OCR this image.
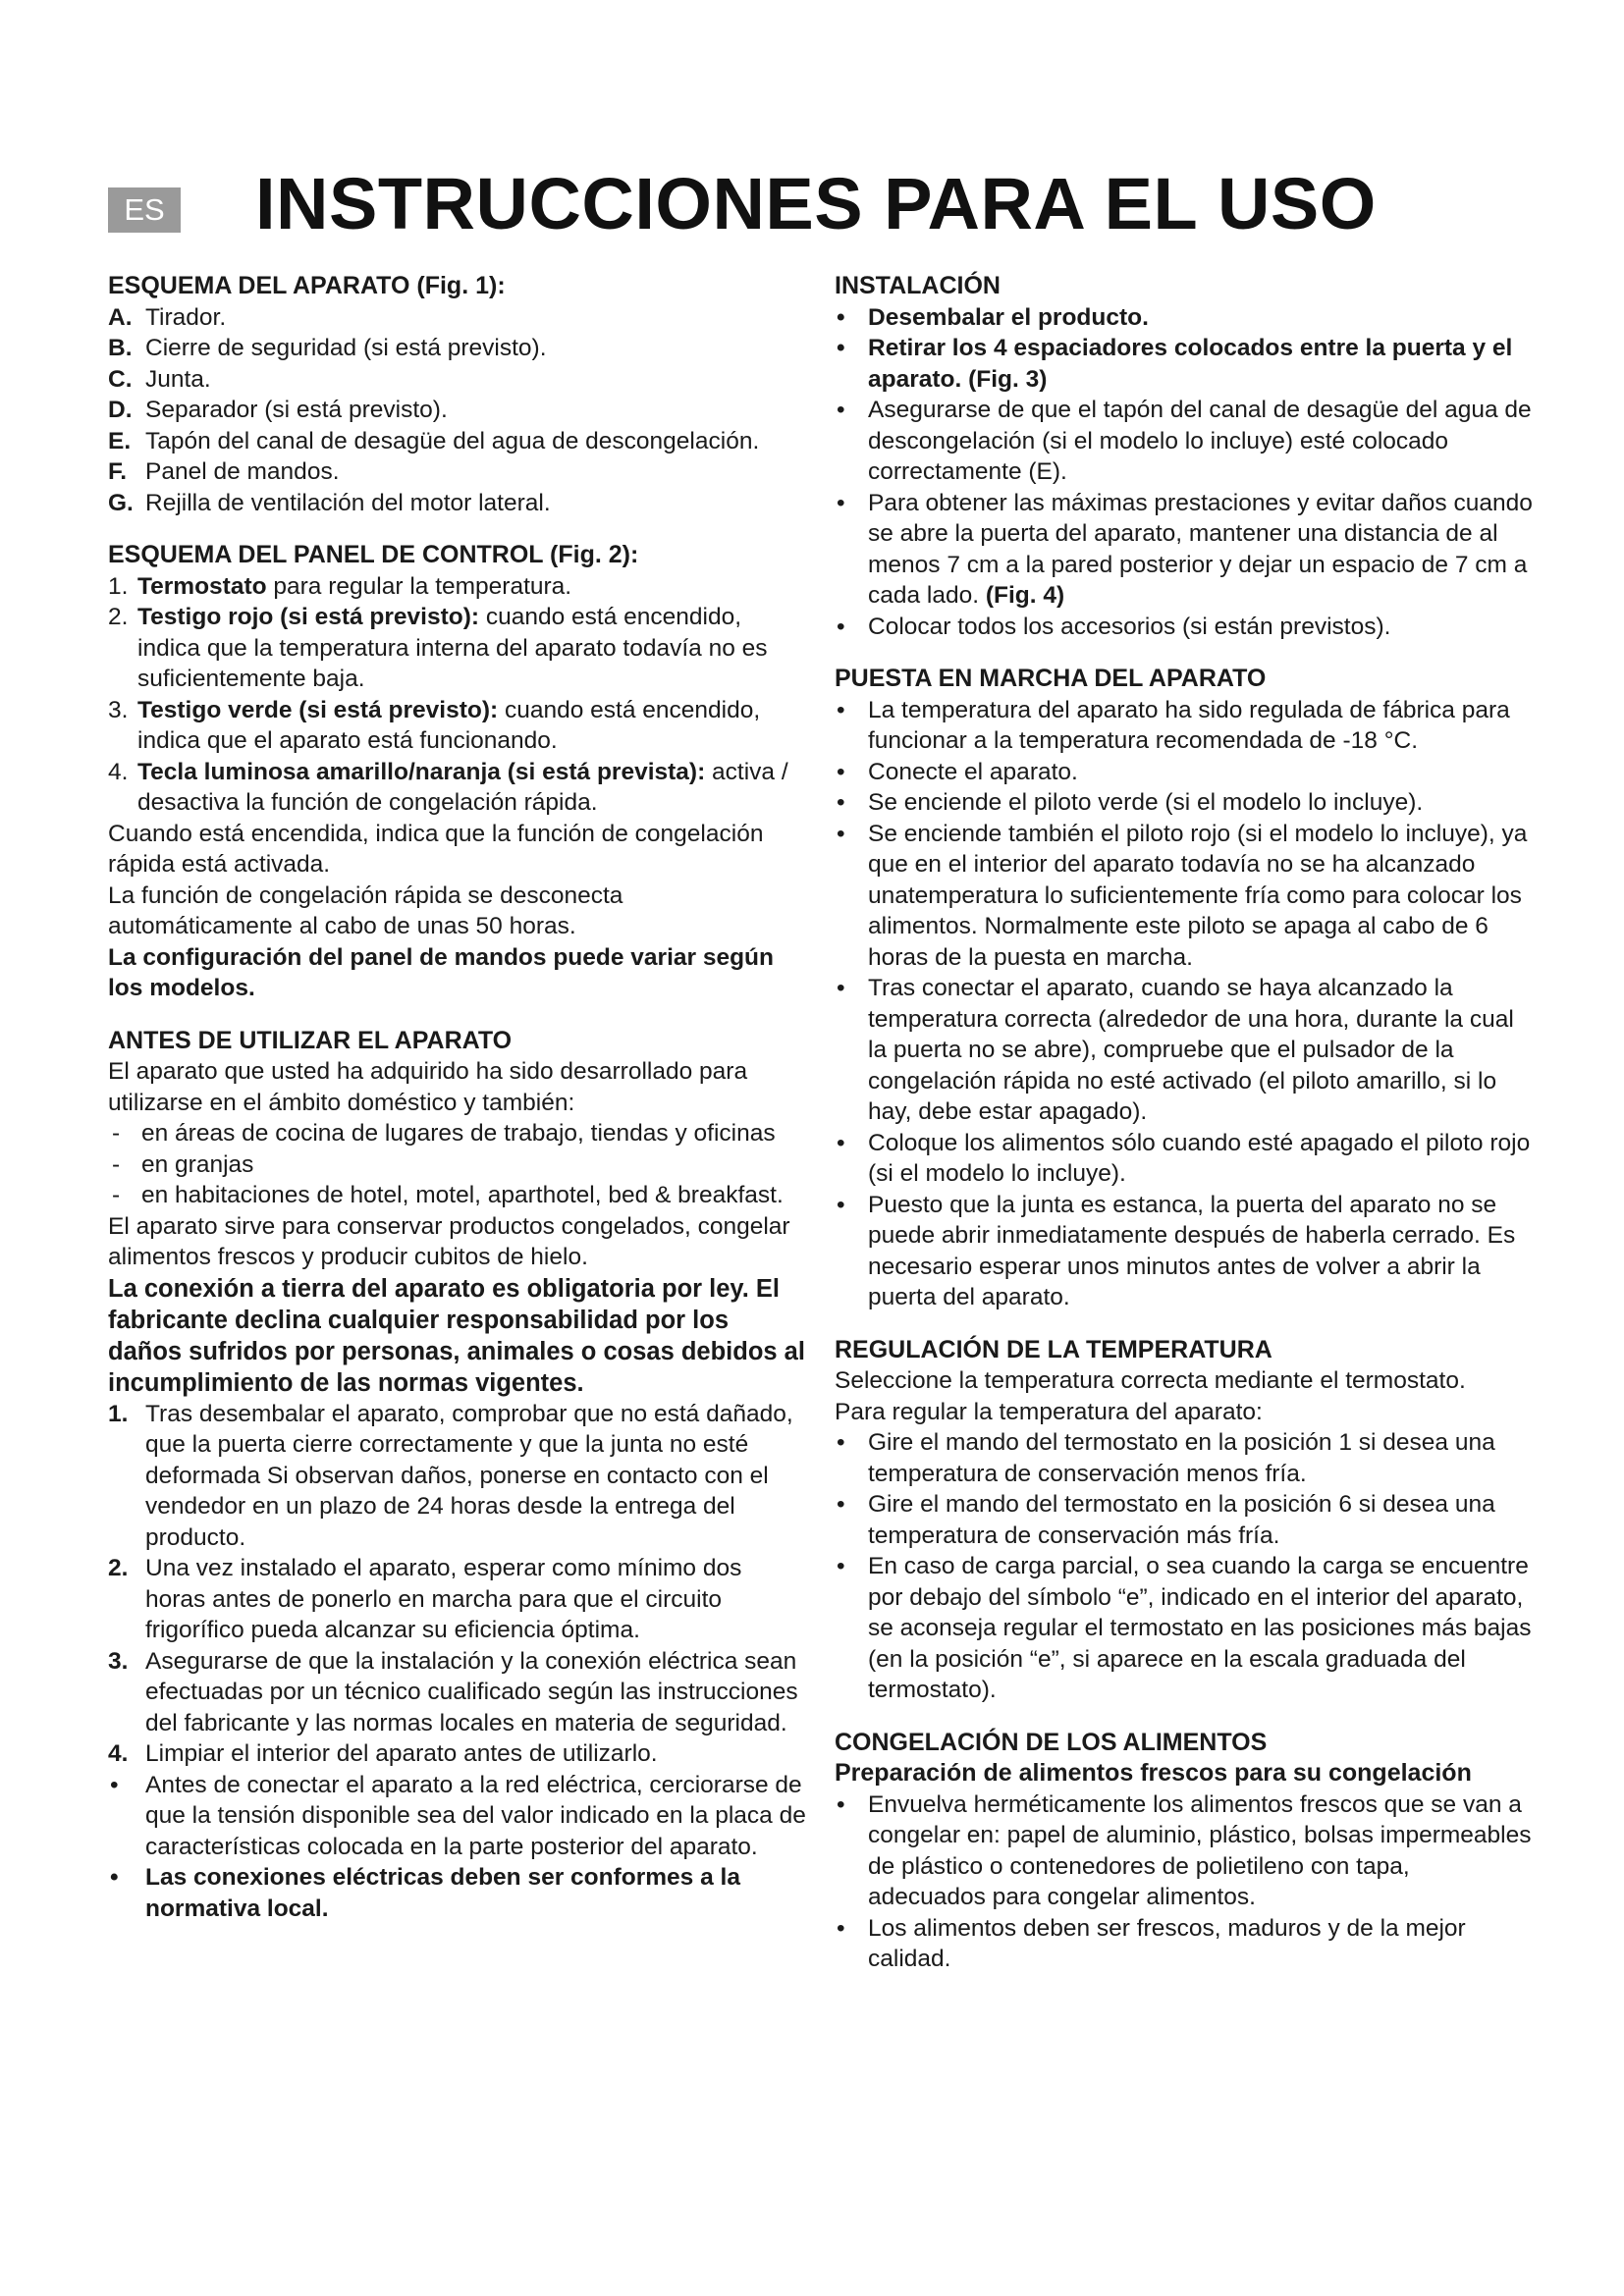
ES INSTRUCCIONES PARA EL USO
ESQUEMA DEL APARATO (Fig. 1):
A. Tirador.
B. Cierre de seguridad (si está previsto).
C. Junta.
D. Separador (si está previsto).
E. Tapón del canal de desagüe del agua de descongelación.
F. Panel de mandos.
G. Rejilla de ventilación del motor lateral.
ESQUEMA DEL PANEL DE CONTROL (Fig. 2):
1. Termostato para regular la temperatura.
2. Testigo rojo (si está previsto): cuando está encendido, indica que la temperatura interna del aparato todavía no es suficientemente baja.
3. Testigo verde (si está previsto): cuando está encendido, indica que el aparato está funcionando.
4. Tecla luminosa amarillo/naranja (si está prevista): activa / desactiva la función de congelación rápida.

Cuando está encendida, indica que la función de congelación rápida está activada.

La función de congelación rápida se desconecta automáticamente al cabo de unas 50 horas.

La configuración del panel de mandos puede variar según los modelos.

ANTES DE UTILIZAR EL APARATO

El aparato que usted ha adquirido ha sido desarrollado para utilizarse en el ámbito doméstico y también:

- en áreas de cocina de lugares de trabajo, tiendas y oficinas
- en granjas
- en habitaciones de hotel, motel, aparthotel, bed & breakfast.

El aparato sirve para conservar productos congelados, congelar alimentos frescos y producir cubitos de hielo.

La conexión a tierra del aparato es obligatoria por ley. El fabricante declina cualquier responsabilidad por los daños sufridos por personas, animales o cosas debidos al incumplimiento de las normas vigentes.

1. Tras desembalar el aparato, comprobar que no está dañado, que la puerta cierre correctamente y que la junta no esté deformada Si observan daños, ponerse en contacto con el vendedor en un plazo de 24 horas desde la entrega del producto.
2. Una vez instalado el aparato, esperar como mínimo dos horas antes de ponerlo en marcha para que el circuito frigorífico pueda alcanzar su eficiencia óptima.
3. Asegurarse de que la instalación y la conexión eléctrica sean efectuadas por un técnico cualificado según las instrucciones del fabricante y las normas locales en materia de seguridad.
4. Limpiar el interior del aparato antes de utilizarlo.
• Antes de conectar el aparato a la red eléctrica, cerciorarse de que la tensión disponible sea del valor indicado en la placa de características colocada en la parte posterior del aparato.
• Las conexiones eléctricas deben ser conformes a la normativa local.
INSTALACIÓN
• Desembalar el producto.
• Retirar los 4 espaciadores colocados entre la puerta y el aparato. (Fig. 3)
• Asegurarse de que el tapón del canal de desagüe del agua de descongelación (si el modelo lo incluye) esté colocado correctamente (E).
• Para obtener las máximas prestaciones y evitar daños cuando se abre la puerta del aparato, mantener una distancia de al menos 7 cm a la pared posterior y dejar un espacio de 7 cm a cada lado. (Fig. 4)
• Colocar todos los accesorios (si están previstos).
PUESTA EN MARCHA DEL APARATO
• La temperatura del aparato ha sido regulada de fábrica para funcionar a la temperatura recomendada de -18 °C.
• Conecte el aparato.
• Se enciende el piloto verde (si el modelo lo incluye).
• Se enciende también el piloto rojo (si el modelo lo incluye), ya que en el interior del aparato todavía no se ha alcanzado unatemperatura lo suficientemente fría como para colocar los alimentos. Normalmente este piloto se apaga al cabo de 6 horas de la puesta en marcha.
• Tras conectar el aparato, cuando se haya alcanzado la temperatura correcta (alrededor de una hora, durante la cual la puerta no se abre), compruebe que el pulsador de la congelación rápida no esté activado (el piloto amarillo, si lo hay, debe estar apagado).
• Coloque los alimentos sólo cuando esté apagado el piloto rojo (si el modelo lo incluye).
• Puesto que la junta es estanca, la puerta del aparato no se puede abrir inmediatamente después de haberla cerrado. Es necesario esperar unos minutos antes de volver a abrir la puerta del aparato.
REGULACIÓN DE LA TEMPERATURA

Seleccione la temperatura correcta mediante el termostato.

Para regular la temperatura del aparato:

• Gire el mando del termostato en la posición 1 si desea una temperatura de conservación menos fría.
• Gire el mando del termostato en la posición 6 si desea una temperatura de conservación más fría.
• En caso de carga parcial, o sea cuando la carga se encuentre por debajo del símbolo “e”, indicado en el interior del aparato, se aconseja regular el termostato en las posiciones más bajas (en la posición “e”, si aparece en la escala graduada del termostato).
CONGELACIÓN DE LOS ALIMENTOS
Preparación de alimentos frescos para su congelación
• Envuelva herméticamente los alimentos frescos que se van a congelar en: papel de aluminio, plástico, bolsas impermeables de plástico o contenedores de polietileno con tapa, adecuados para congelar alimentos.
• Los alimentos deben ser frescos, maduros y de la mejor calidad.
